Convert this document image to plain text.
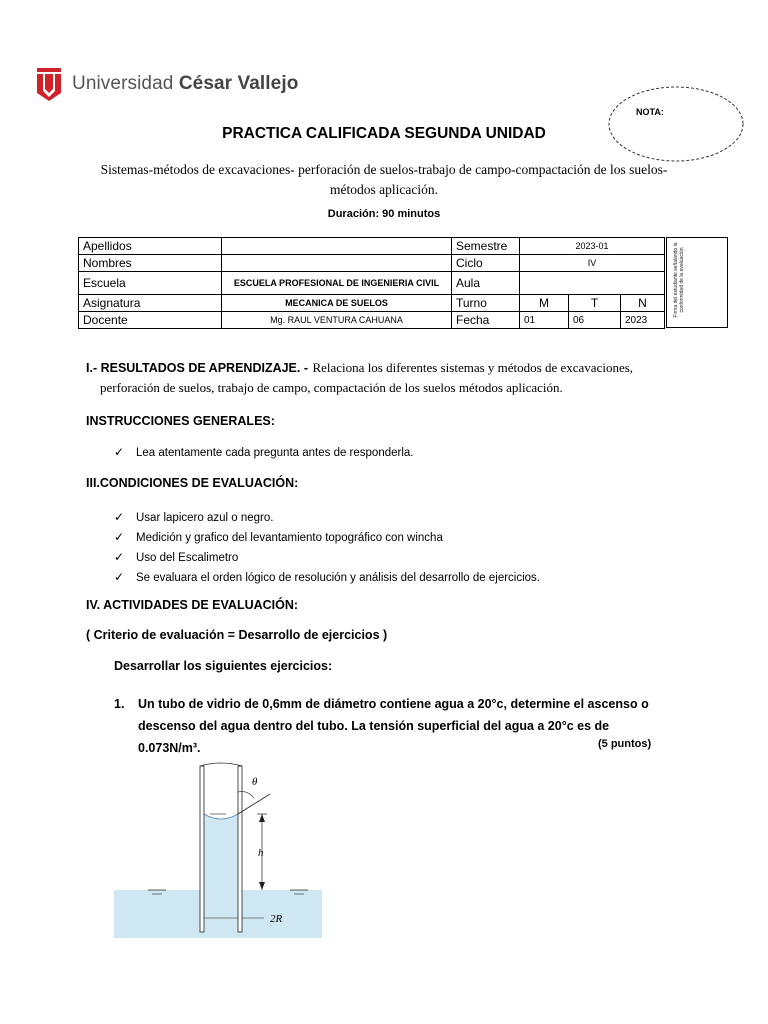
Universidad César Vallejo
NOTA:
PRACTICA CALIFICADA SEGUNDA UNIDAD
Sistemas-métodos de excavaciones- perforación de suelos-trabajo de campo-compactación de los suelos-
métodos aplicación.
Duración: 90 minutos
Apellidos		Semestre	2023-01		
Nombres		Ciclo	IV		
Escuela	ESCUELA PROFESIONAL DE INGENIERIA CIVIL	Aula			
Asignatura	MECANICA DE SUELOS	Turno	M	T	N
Docente	Mg. RAUL VENTURA CAHUANA	Fecha	01	06	2023
Firma del estudiante señalando la conformidad de la evaluación
I.- RESULTADOS DE APRENDIZAJE. - Relaciona los diferentes sistemas y métodos de excavaciones,
perforación de suelos, trabajo de campo, compactación de los suelos métodos aplicación.
INSTRUCCIONES GENERALES:
✓	Lea atentamente cada pregunta antes de responderla.
III.CONDICIONES DE EVALUACIÓN:
✓	Usar lapicero azul o negro.
✓	Medición y grafico del levantamiento topográfico con wincha
✓	Uso del Escalimetro
✓	Se evaluara el orden lógico de resolución y análisis del desarrollo de ejercicios.
IV. ACTIVIDADES DE EVALUACIÓN:
( Criterio de evaluación = Desarrollo de ejercicios )
Desarrollar los siguientes ejercicios:
1.	Un tubo de vidrio de 0,6mm de diámetro contiene agua a 20°c, determine el ascenso o
descenso del agua dentro del tubo. La tensión superficial del agua a 20°c es de 0.073N/m³.	(5 puntos)
θ
h
2R
